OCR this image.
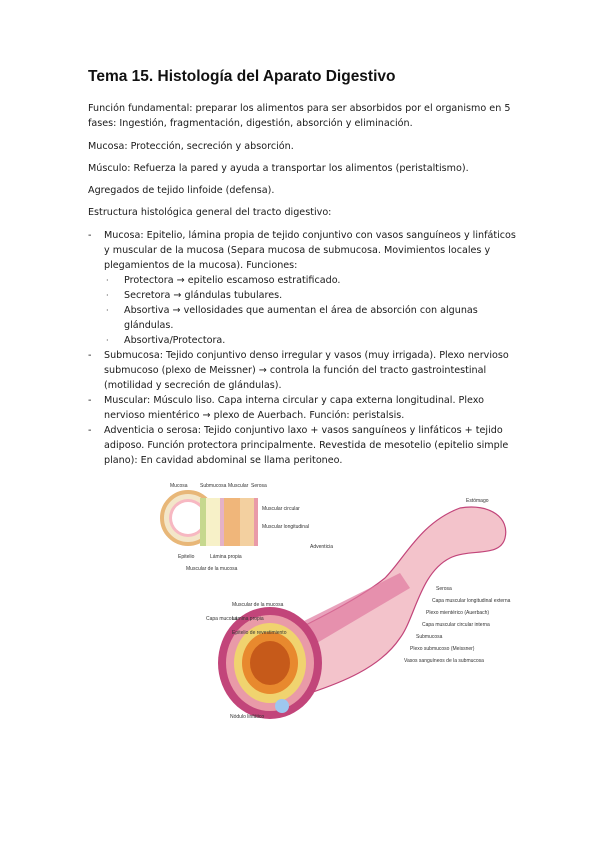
Tema 15. Histología del Aparato Digestivo

Función fundamental: preparar los alimentos para ser absorbidos por el organismo en 5 fases: Ingestión, fragmentación, digestión, absorción y eliminación.

Mucosa: Protección, secreción y absorción.

Músculo: Refuerza la pared y ayuda a transportar los alimentos (peristaltismo).

Agregados de tejido linfoide (defensa).

Estructura histológica general del tracto digestivo:

- Mucosa: Epitelio, lámina propia de tejido conjuntivo con vasos sanguíneos y linfáticos y muscular de la mucosa (Separa mucosa de submucosa. Movimientos locales y plegamientos de la mucosa). Funciones:
· Protectora → epitelio escamoso estratificado.
· Secretora → glándulas tubulares.
· Absortiva → vellosidades que aumentan el área de absorción con algunas glándulas.
· Absortiva/Protectora.
- Submucosa: Tejido conjuntivo denso irregular y vasos (muy irrigada). Plexo nervioso submucoso (plexo de Meissner) → controla la función del tracto gastrointestinal (motilidad y secreción de glándulas).
- Muscular: Músculo liso. Capa interna circular y capa externa longitudinal. Plexo nervioso mientérico → plexo de Auerbach. Función: peristalsis.
- Adventicia o serosa: Tejido conjuntivo laxo + vasos sanguíneos y linfáticos + tejido adiposo. Función protectora principalmente. Revestida de mesotelio (epitelio simple plano): En cavidad abdominal se llama peritoneo.
Mucosa Submucosa Muscular Serosa
Muscular circular
Muscular longitudinal
Epitelio	Lámina propia
Muscular de la mucosa
Estómago
Adventicia
Muscular de la mucosa
Lámina propia
Epitelio de revestimiento
Capa mucosa
Serosa
Capa muscular longitudinal externa
Plexo mientérico (Auerbach)
Capa muscular circular interna
Submucosa
Plexo submucoso (Meissner)
Vasos sanguíneos de la submucosa
Nódulo linfático
